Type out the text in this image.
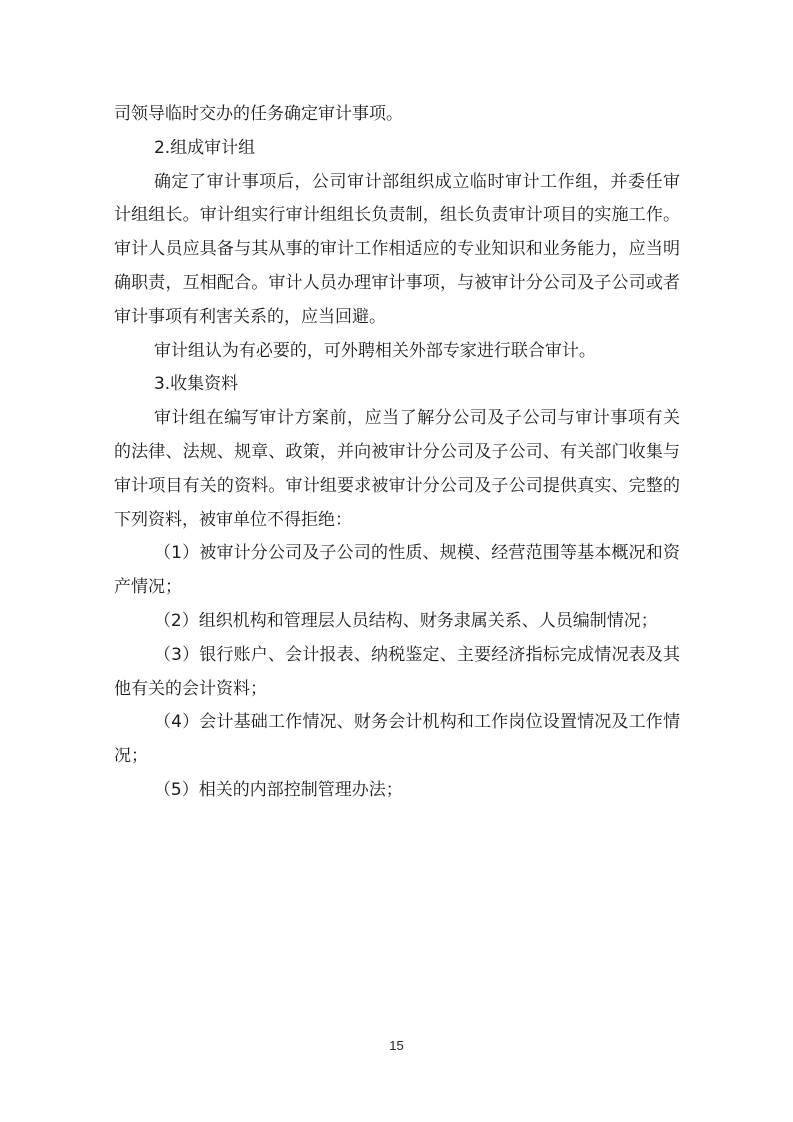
司领导临时交办的任务确定审计事项。

2.组成审计组

确定了审计事项后，公司审计部组织成立临时审计工作组，并委任审计组组长。审计组实行审计组组长负责制，组长负责审计项目的实施工作。审计人员应具备与其从事的审计工作相适应的专业知识和业务能力，应当明确职责，互相配合。审计人员办理审计事项，与被审计分公司及子公司或者审计事项有利害关系的，应当回避。

审计组认为有必要的，可外聘相关外部专家进行联合审计。

3.收集资料

审计组在编写审计方案前，应当了解分公司及子公司与审计事项有关的法律、法规、规章、政策，并向被审计分公司及子公司、有关部门收集与审计项目有关的资料。审计组要求被审计分公司及子公司提供真实、完整的下列资料，被审单位不得拒绝：

（1）被审计分公司及子公司的性质、规模、经营范围等基本概况和资产情况；

（2）组织机构和管理层人员结构、财务隶属关系、人员编制情况；

（3）银行账户、会计报表、纳税鉴定、主要经济指标完成情况表及其他有关的会计资料；

（4）会计基础工作情况、财务会计机构和工作岗位设置情况及工作情况；

（5）相关的内部控制管理办法；

15
